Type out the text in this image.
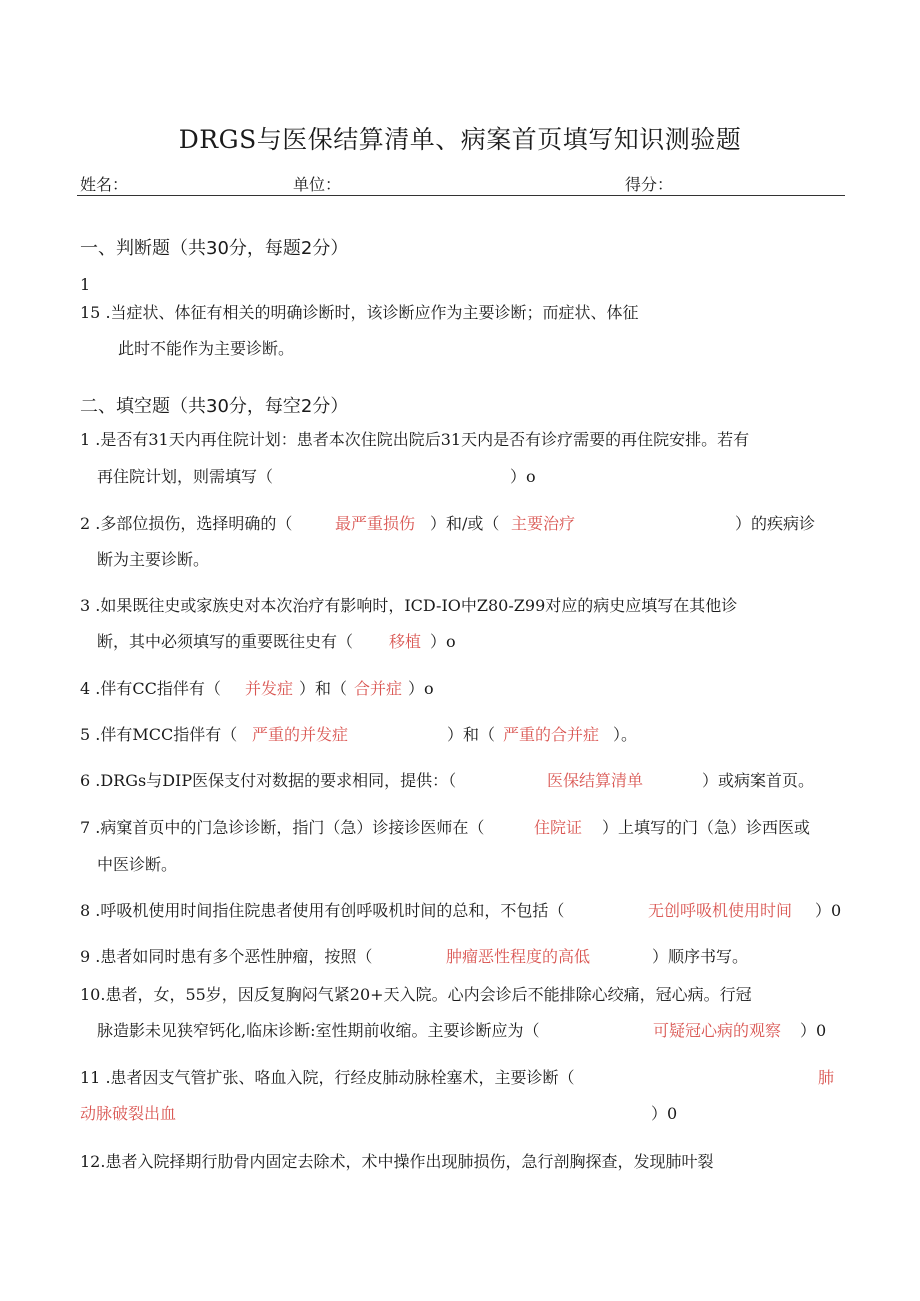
DRGS与医保结算清单、病案首页填写知识测验题
姓名：	单位：	得分：
一、判断题（共30分，每题2分）
1
15 .当症状、体征有相关的明确诊断时，该诊断应作为主要诊断；而症状、体征
此时不能作为主要诊断。
二、填空题（共30分，每空2分）
1 .是否有31天内再住院计划：患者本次住院出院后31天内是否有诊疗需要的再住院安排。若有
再住院计划，则需填写（	）o
2 .多部位损伤，选择明确的（	最严重损伤 ）和/或（ 主要治疗	）的疾病诊
断为主要诊断。
3 .如果既往史或家族史对本次治疗有影响时，ICD-IO中Z80-Z99对应的病史应填写在其他诊
断，其中必须填写的重要既往史有（ 移植 ）o
4 .伴有CC指伴有（ 并发症 ）和（ 合并症 ）o
5 .伴有MCC指伴有（ 严重的并发症	）和（ 严重的合并症 ）。
6 .DRGs与DIP医保支付对数据的要求相同，提供：（	医保结算清单	）或病案首页。
7 .病窠首页中的门急诊诊断，指门（急）诊接诊医师在（	住院证 ）上填写的门（急）诊西医或
中医诊断。
8 .呼吸机使用时间指住院患者使用有创呼吸机时间的总和，不包括（	无创呼吸机使用时间 ）0
9 .患者如同时患有多个恶性肿瘤，按照（	肿瘤恶性程度的高低	）顺序书写。
10.患者，女，55岁，因反复胸闷气紧20+天入院。心内会诊后不能排除心绞痛，冠心病。行冠
脉造影未见狭窄钙化,临床诊断:室性期前收缩。主要诊断应为（	可疑冠心病的观察 ）0
11 .患者因支气管扩张、咯血入院，行经皮肺动脉栓塞术，主要诊断（	肺
动脉破裂出血	）0
12.患者入院择期行肋骨内固定去除术，术中操作出现肺损伤，急行剖胸探查，发现肺叶裂
